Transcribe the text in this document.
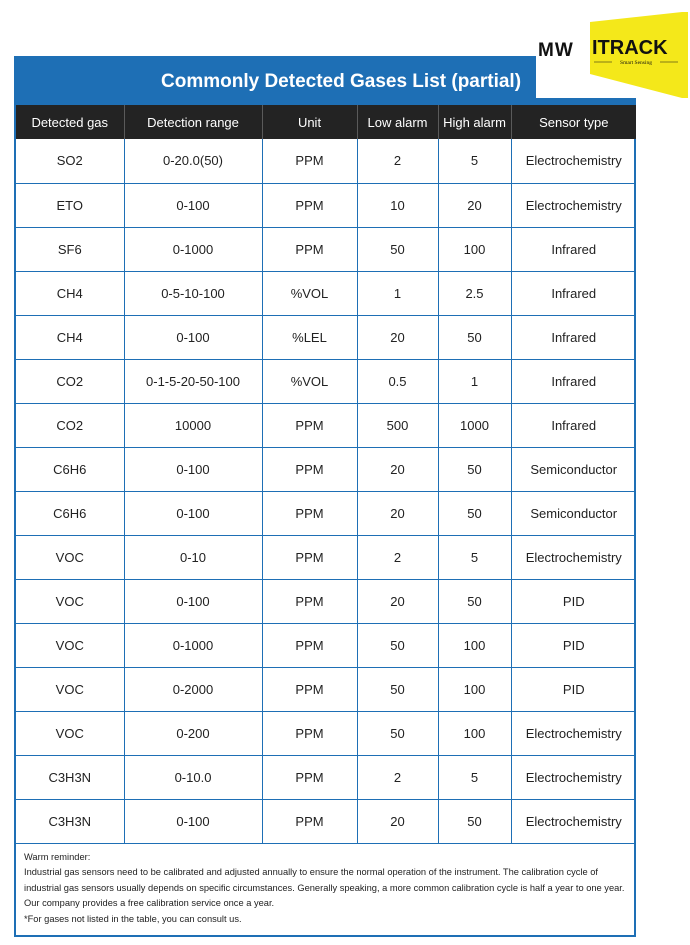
Commonly Detected Gases List (partial)
Detected gas	Detection range	Unit	Low alarm	High alarm	Sensor type
SO2	0-20.0(50)	PPM	2	5	Electrochemistry
ETO	0-100	PPM	10	20	Electrochemistry
SF6	0-1000	PPM	50	100	Infrared
CH4	0-5-10-100	%VOL	1	2.5	Infrared
CH4	0-100	%LEL	20	50	Infrared
CO2	0-1-5-20-50-100	%VOL	0.5	1	Infrared
CO2	10000	PPM	500	1000	Infrared
C6H6	0-100	PPM	20	50	Semiconductor
C6H6	0-100	PPM	20	50	Semiconductor
VOC	0-10	PPM	2	5	Electrochemistry
VOC	0-100	PPM	20	50	PID
VOC	0-1000	PPM	50	100	PID
VOC	0-2000	PPM	50	100	PID
VOC	0-200	PPM	50	100	Electrochemistry
C3H3N	0-10.0	PPM	2	5	Electrochemistry
C3H3N	0-100	PPM	20	50	Electrochemistry
Warm reminder:
Industrial gas sensors need to be calibrated and adjusted annually to ensure the normal operation of the instrument. The calibration cycle of industrial gas sensors usually depends on specific circumstances. Generally speaking, a more common calibration cycle is half a year to one year. Our company provides a free calibration service once a year.
*For gases not listed in the table, you can consult us.
MW ITRACK
Smart Sensing
